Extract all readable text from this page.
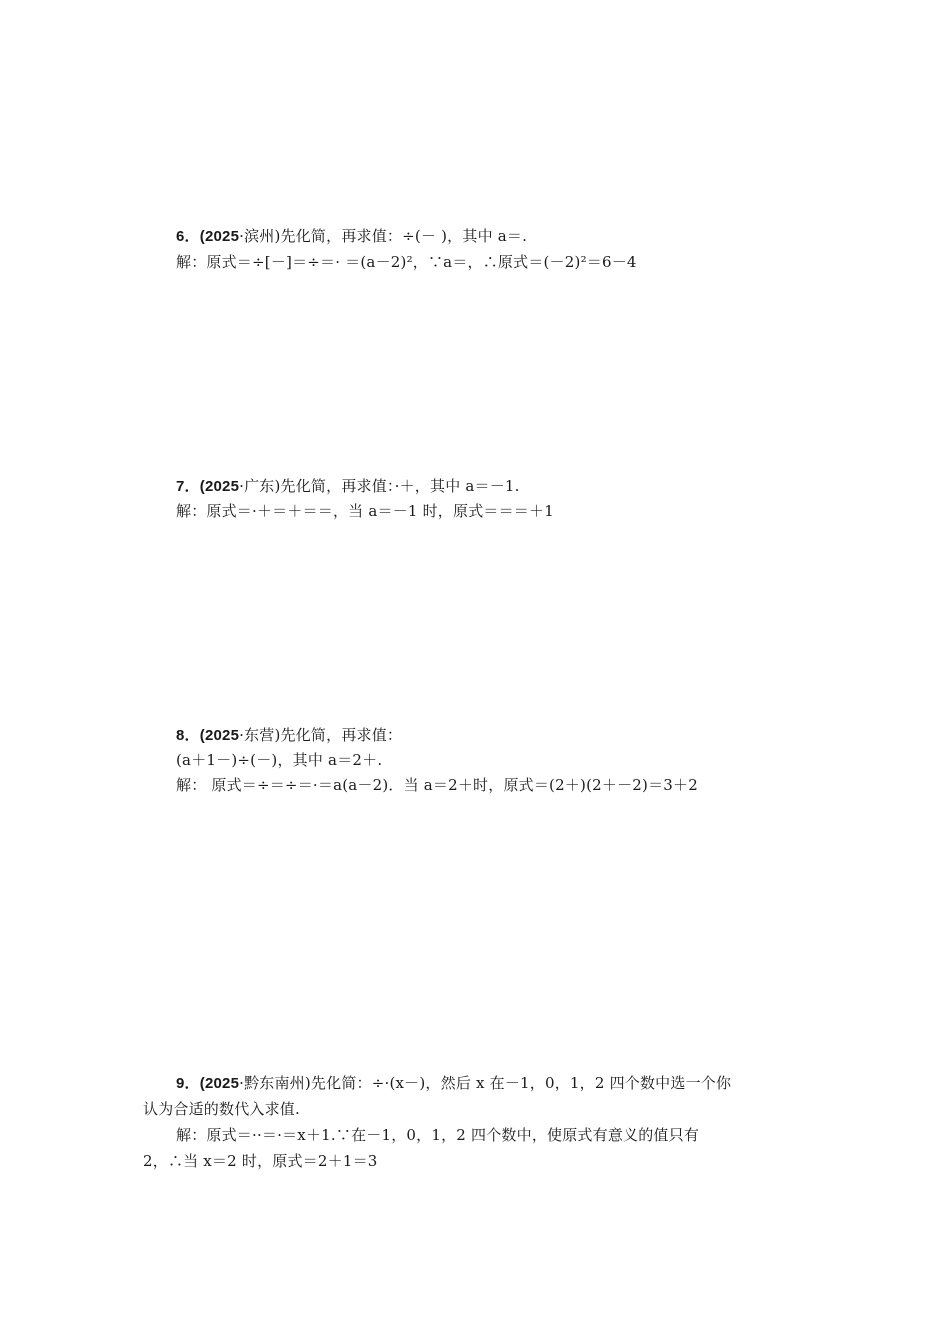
6．(2025·滨州)先化简，再求值：÷(－ )，其中 a＝.
解：原式＝÷[－]＝÷＝· ＝(a－2)²，∵a＝，∴原式＝(－2)²＝6－4
7．(2025·广东)先化简，再求值：·＋，其中 a＝－1.
解：原式＝·＋＝＋＝＝，当 a＝－1 时，原式＝＝＝＋1
8．(2025·东营)先化简，再求值：
(a＋1－)÷(－)，其中 a＝2＋.
解： 原式＝÷＝÷＝·＝a(a－2)．当 a＝2＋时，原式＝(2＋)(2＋－2)＝3＋2
9．(2025·黔东南州)先化简：÷·(x－)，然后 x 在－1，0，1，2 四个数中选一个你
认为合适的数代入求值.
解：原式＝··＝·＝x＋1.∵在－1，0，1，2 四个数中，使原式有意义的值只有
2，∴当 x＝2 时，原式＝2＋1＝3
